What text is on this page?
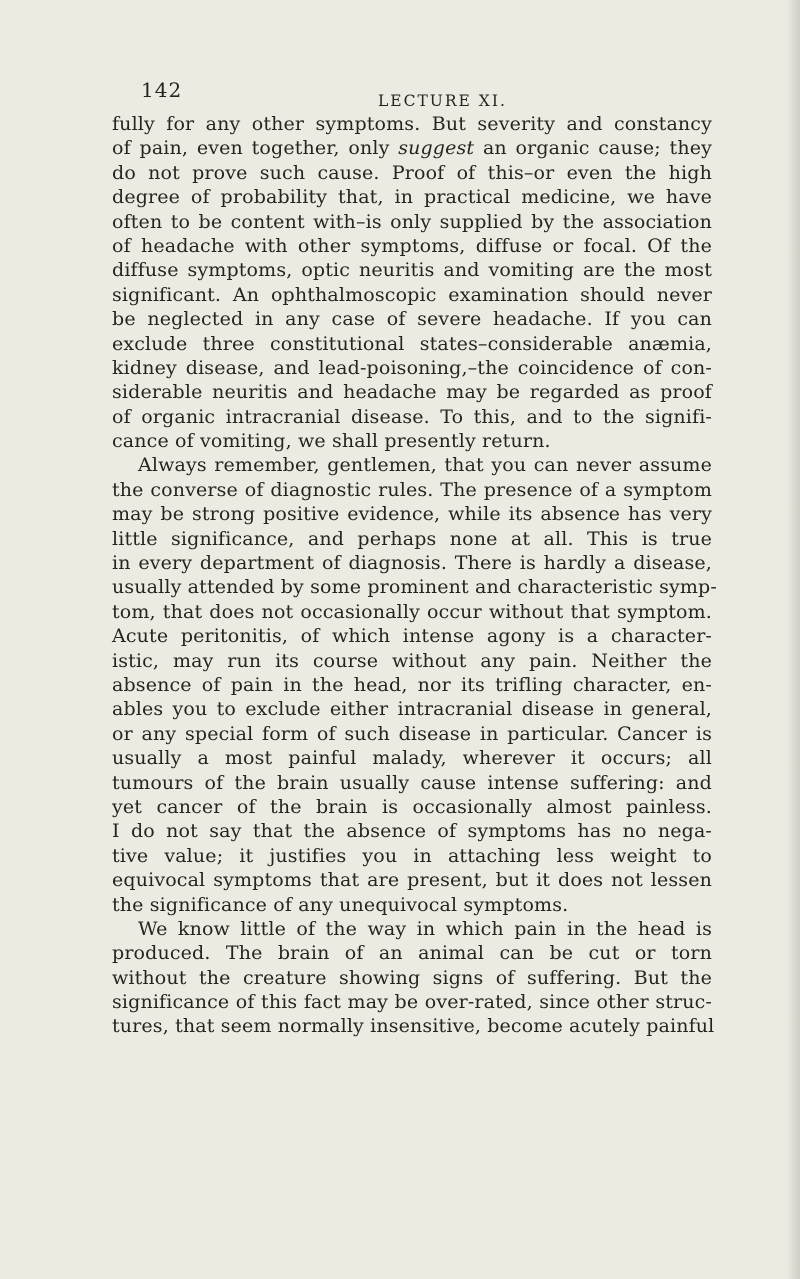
142	LECTURE XI.
fully for any other symptoms. But severity and constancy
of pain, even together, only suggest an organic cause; they
do not prove such cause. Proof of this–or even the high
degree of probability that, in practical medicine, we have
often to be content with–is only supplied by the association
of headache with other symptoms, diffuse or focal. Of the
diffuse symptoms, optic neuritis and vomiting are the most
significant. An ophthalmoscopic examination should never
be neglected in any case of severe headache. If you can
exclude three constitutional states–considerable anæmia,
kidney disease, and lead-poisoning,–the coincidence of con-
siderable neuritis and headache may be regarded as proof
of organic intracranial disease. To this, and to the signifi-
cance of vomiting, we shall presently return.
Always remember, gentlemen, that you can never assume
the converse of diagnostic rules. The presence of a symptom
may be strong positive evidence, while its absence has very
little significance, and perhaps none at all. This is true
in every department of diagnosis. There is hardly a disease,
usually attended by some prominent and characteristic symp-
tom, that does not occasionally occur without that symptom.
Acute peritonitis, of which intense agony is a character-
istic, may run its course without any pain. Neither the
absence of pain in the head, nor its trifling character, en-
ables you to exclude either intracranial disease in general,
or any special form of such disease in particular. Cancer is
usually a most painful malady, wherever it occurs; all
tumours of the brain usually cause intense suffering: and
yet cancer of the brain is occasionally almost painless.
I do not say that the absence of symptoms has no nega-
tive value; it justifies you in attaching less weight to
equivocal symptoms that are present, but it does not lessen
the significance of any unequivocal symptoms.
We know little of the way in which pain in the head is
produced. The brain of an animal can be cut or torn
without the creature showing signs of suffering. But the
significance of this fact may be over-rated, since other struc-
tures, that seem normally insensitive, become acutely painful
